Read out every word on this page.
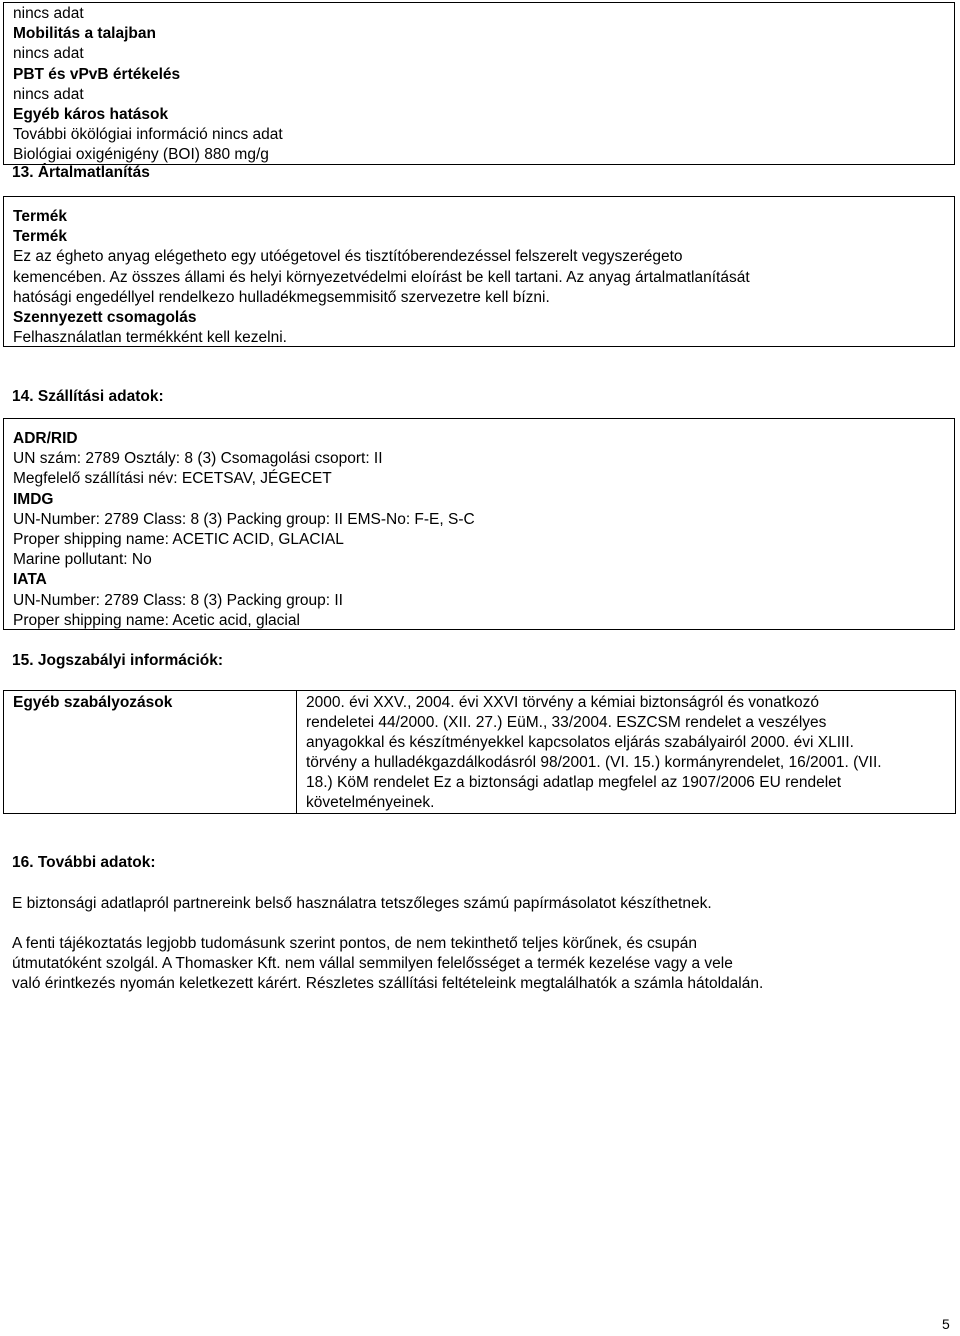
nincs adat
Mobilitás a talajban
nincs adat
PBT és vPvB értékelés
nincs adat
Egyéb káros hatások
További ökölógiai információ nincs adat
Biológiai oxigénigény (BOI) 880 mg/g
13. Ártalmatlanítás
Termék
Termék
Ez az égheto anyag elégetheto egy utóégetovel és tisztítóberendezéssel felszerelt vegyszerégeto
kemencében. Az összes állami és helyi környezetvédelmi eloírást be kell tartani. Az anyag ártalmatlanítását
hatósági engedéllyel rendelkezo hulladékmegsemmisitő szervezetre kell bízni.
Szennyezett csomagolás
Felhasználatlan termékként kell kezelni.
14. Szállítási adatok:
ADR/RID
UN szám: 2789 Osztály: 8 (3) Csomagolási csoport: II
Megfelelő szállítási név: ECETSAV, JÉGECET
IMDG
UN-Number: 2789 Class: 8 (3) Packing group: II EMS-No: F-E, S-C
Proper shipping name: ACETIC ACID, GLACIAL
Marine pollutant: No
IATA
UN-Number: 2789 Class: 8 (3) Packing group: II
Proper shipping name: Acetic acid, glacial
15. Jogszabályi információk:
Egyéb szabályozások	2000. évi XXV., 2004. évi XXVI törvény a kémiai biztonságról és vonatkozó
rendeletei 44/2000. (XII. 27.) EüM., 33/2004. ESZCSM rendelet a veszélyes
anyagokkal és készítményekkel kapcsolatos eljárás szabályairól 2000. évi XLIII.
törvény a hulladékgazdálkodásról 98/2001. (VI. 15.) kormányrendelet, 16/2001. (VII.
18.) KöM rendelet Ez a biztonsági adatlap megfelel az 1907/2006 EU rendelet
követelményeinek.
16. További adatok:
E biztonsági adatlapról partnereink belső használatra tetszőleges számú papírmásolatot készíthetnek.
A fenti tájékoztatás legjobb tudomásunk szerint pontos, de nem tekinthető teljes körűnek, és csupán
útmutatóként szolgál. A Thomasker Kft. nem vállal semmilyen felelősséget a termék kezelése vagy a vele
való érintkezés nyomán keletkezett kárért. Részletes szállítási feltételeink megtalálhatók a számla hátoldalán.
5
